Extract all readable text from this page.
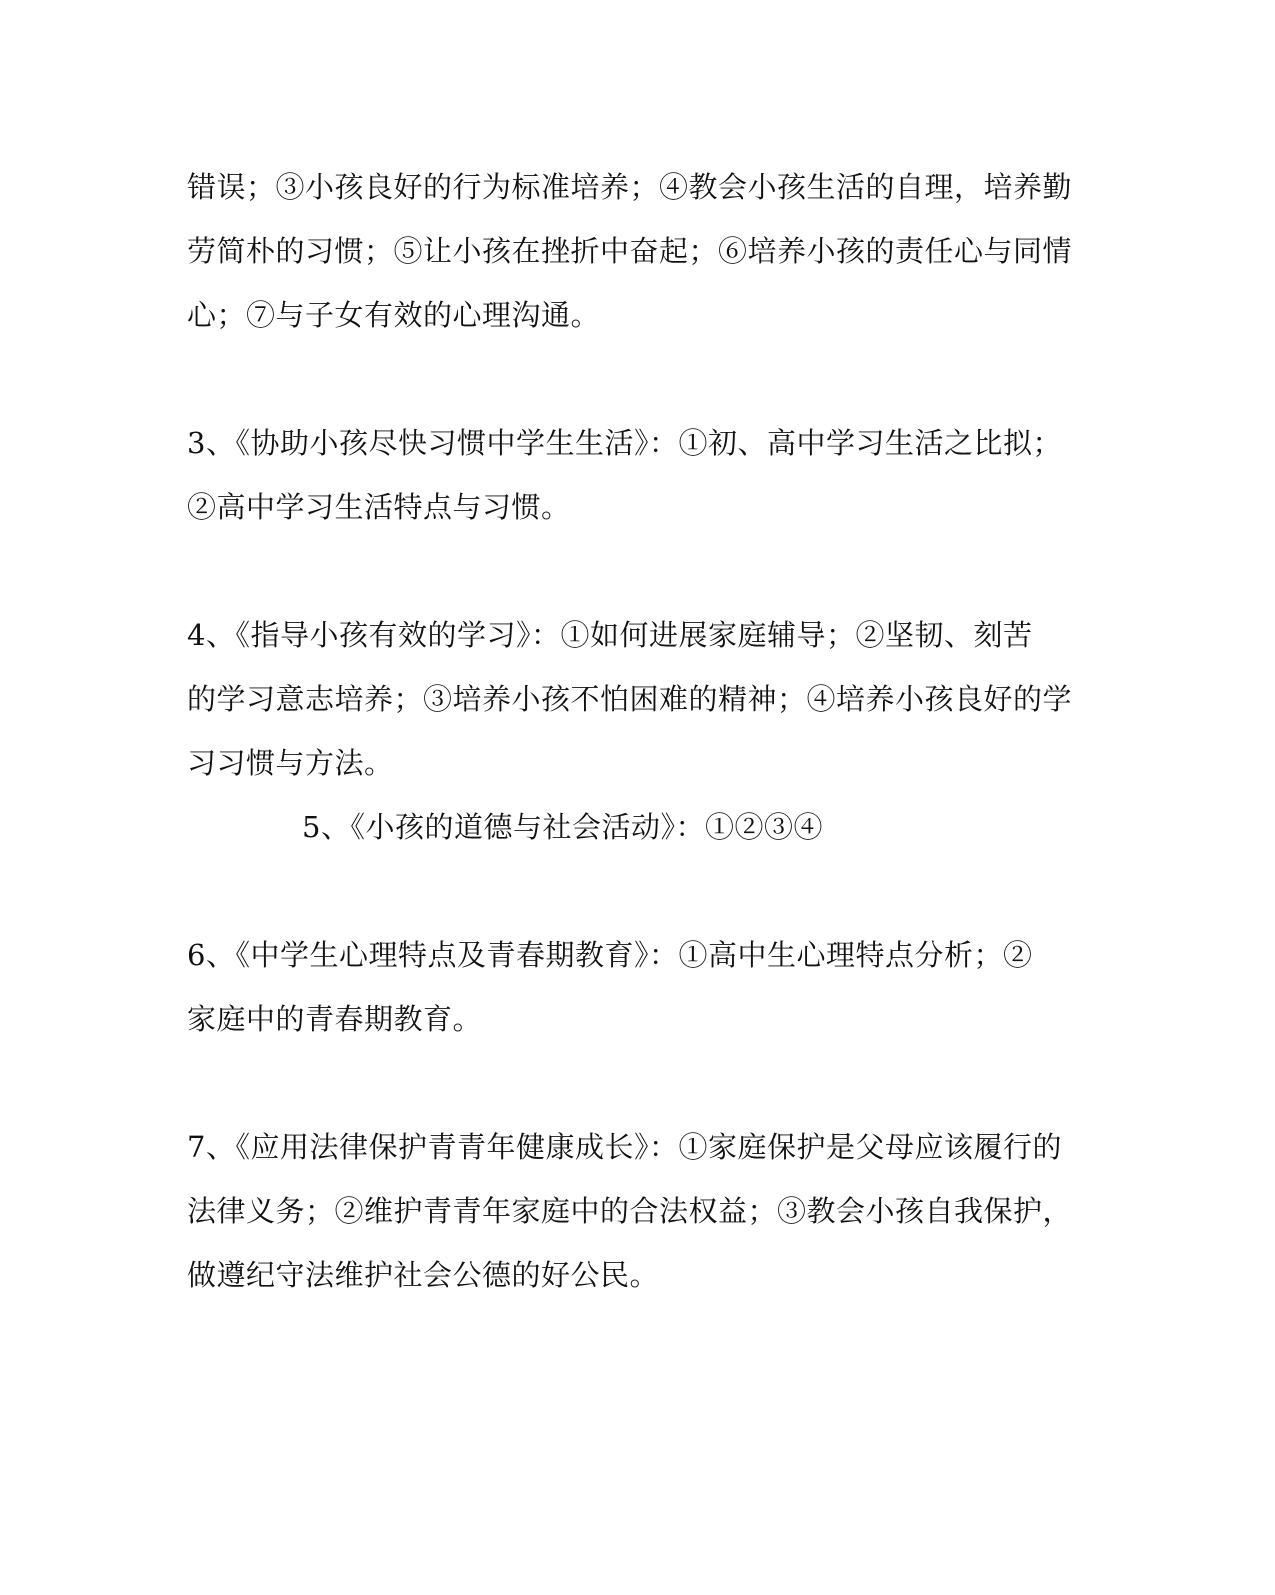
错误；③小孩良好的行为标准培养；④教会小孩生活的自理，培养勤
劳简朴的习惯；⑤让小孩在挫折中奋起；⑥培养小孩的责任心与同情
心；⑦与子女有效的心理沟通。

3、《协助小孩尽快习惯中学生生活》：①初、高中学习生活之比拟；
②高中学习生活特点与习惯。

4、《指导小孩有效的学习》：①如何进展家庭辅导；②坚韧、刻苦
的学习意志培养；③培养小孩不怕困难的精神；④培养小孩良好的学
习习惯与方法。

5、《小孩的道德与社会活动》：①②③④

6、《中学生心理特点及青春期教育》：①高中生心理特点分析；②
家庭中的青春期教育。

7、《应用法律保护青青年健康成长》：①家庭保护是父母应该履行的
法律义务；②维护青青年家庭中的合法权益；③教会小孩自我保护，
做遵纪守法维护社会公德的好公民。
